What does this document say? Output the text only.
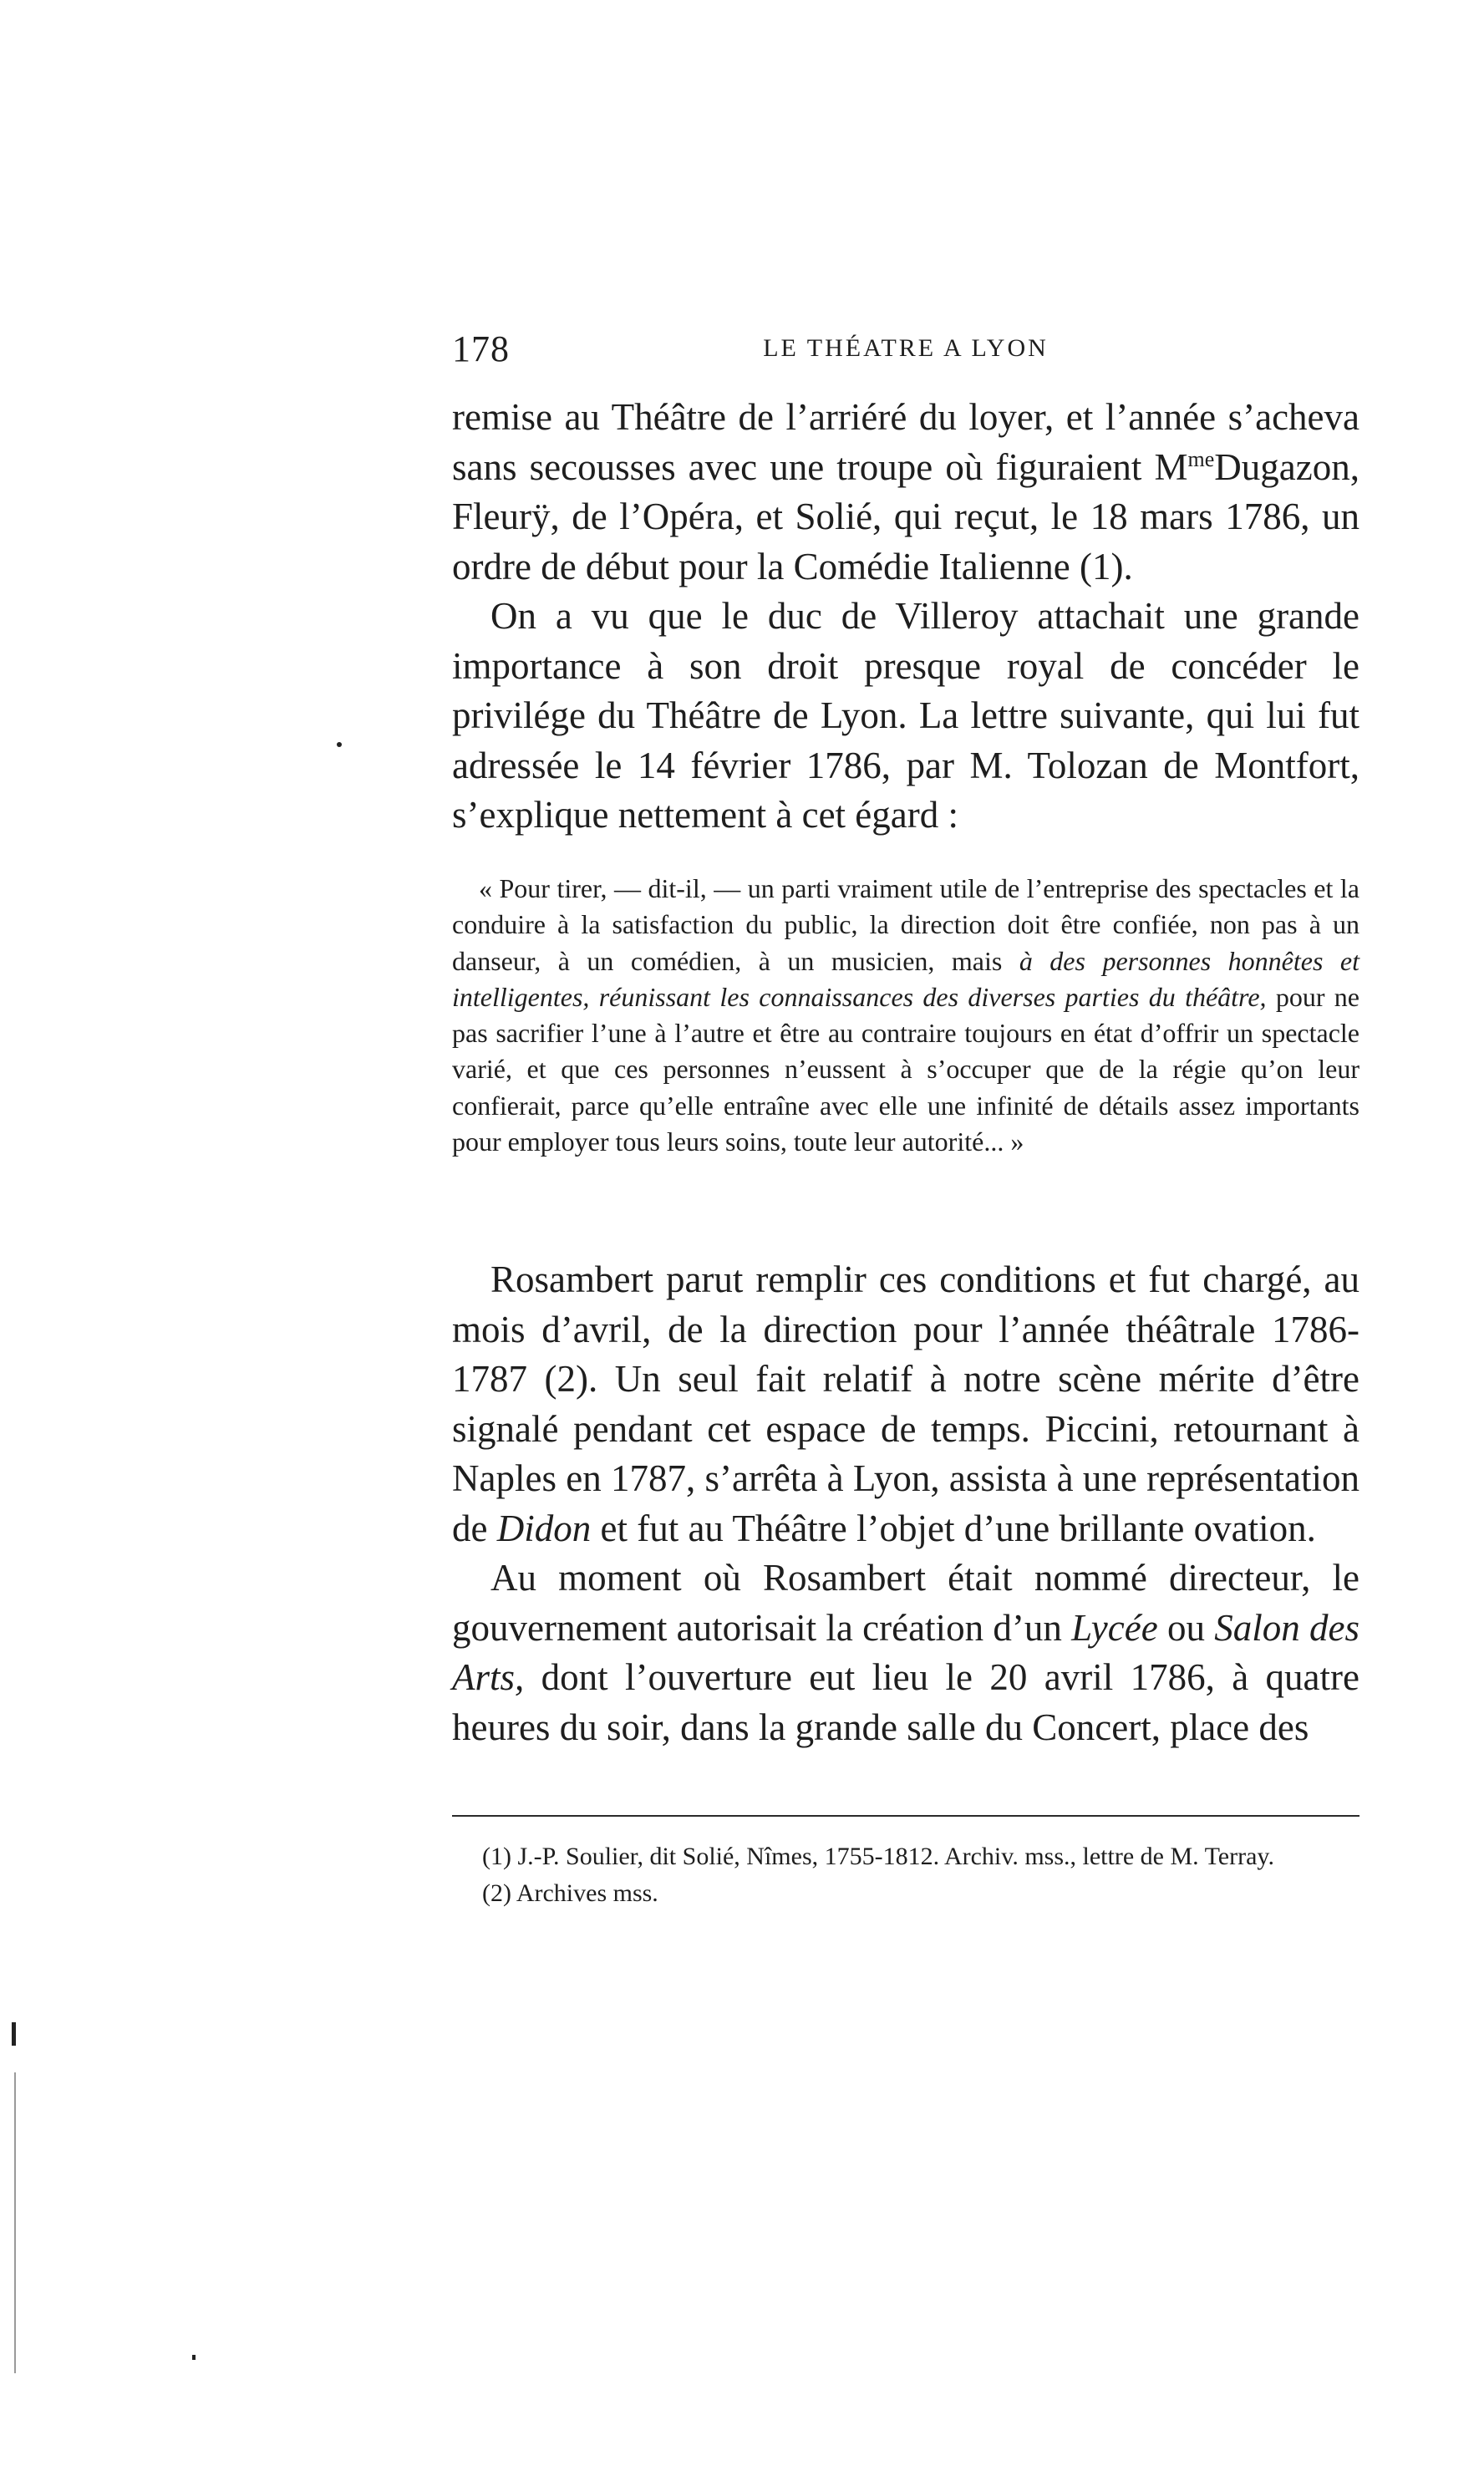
178	LE THÉATRE A LYON

remise au Théâtre de l’arriéré du loyer, et l’année s’acheva sans secousses avec une troupe où figuraient $M^{me}Dugazon$, Fleurÿ, de l’Opéra, et Solié, qui reçut, le 18 mars 1786, un ordre de début pour la Comédie Italienne (1).

On a vu que le duc de Villeroy attachait une grande importance à son droit presque royal de concéder le privilége du Théâtre de Lyon. La lettre suivante, qui lui fut adressée le 14 février 1786, par M. Tolozan de Montfort, s’explique nettement à cet égard :

« Pour tirer, — dit-il, — un parti vraiment utile de l’entreprise des spectacles et la conduire à la satisfaction du public, la direction doit être confiée, non pas à un danseur, à un comédien, à un musicien, mais à des personnes honnêtes et intelligentes, réunissant les connaissances des diverses parties du théâtre, pour ne pas sacrifier l’une à l’autre et être au contraire toujours en état d’offrir un spectacle varié, et que ces personnes n’eussent à s’occuper que de la régie qu’on leur confierait, parce qu’elle entraîne avec elle une infinité de détails assez importants pour employer tous leurs soins, toute leur autorité... »

Rosambert parut remplir ces conditions et fut chargé, au mois d’avril, de la direction pour l’année théâtrale 1786-1787 (2). Un seul fait relatif à notre scène mérite d’être signalé pendant cet espace de temps. Piccini, retournant à Naples en 1787, s’arrêta à Lyon, assista à une représentation de Didon et fut au Théâtre l’objet d’une brillante ovation.

Au moment où Rosambert était nommé directeur, le gouvernement autorisait la création d’un Lycée ou Salon des Arts, dont l’ouverture eut lieu le 20 avril 1786, à quatre heures du soir, dans la grande salle du Concert, place des

(1) J.-P. Soulier, dit Solié, Nîmes, 1755-1812. Archiv. mss., lettre de M. Terray.

(2) Archives mss.
